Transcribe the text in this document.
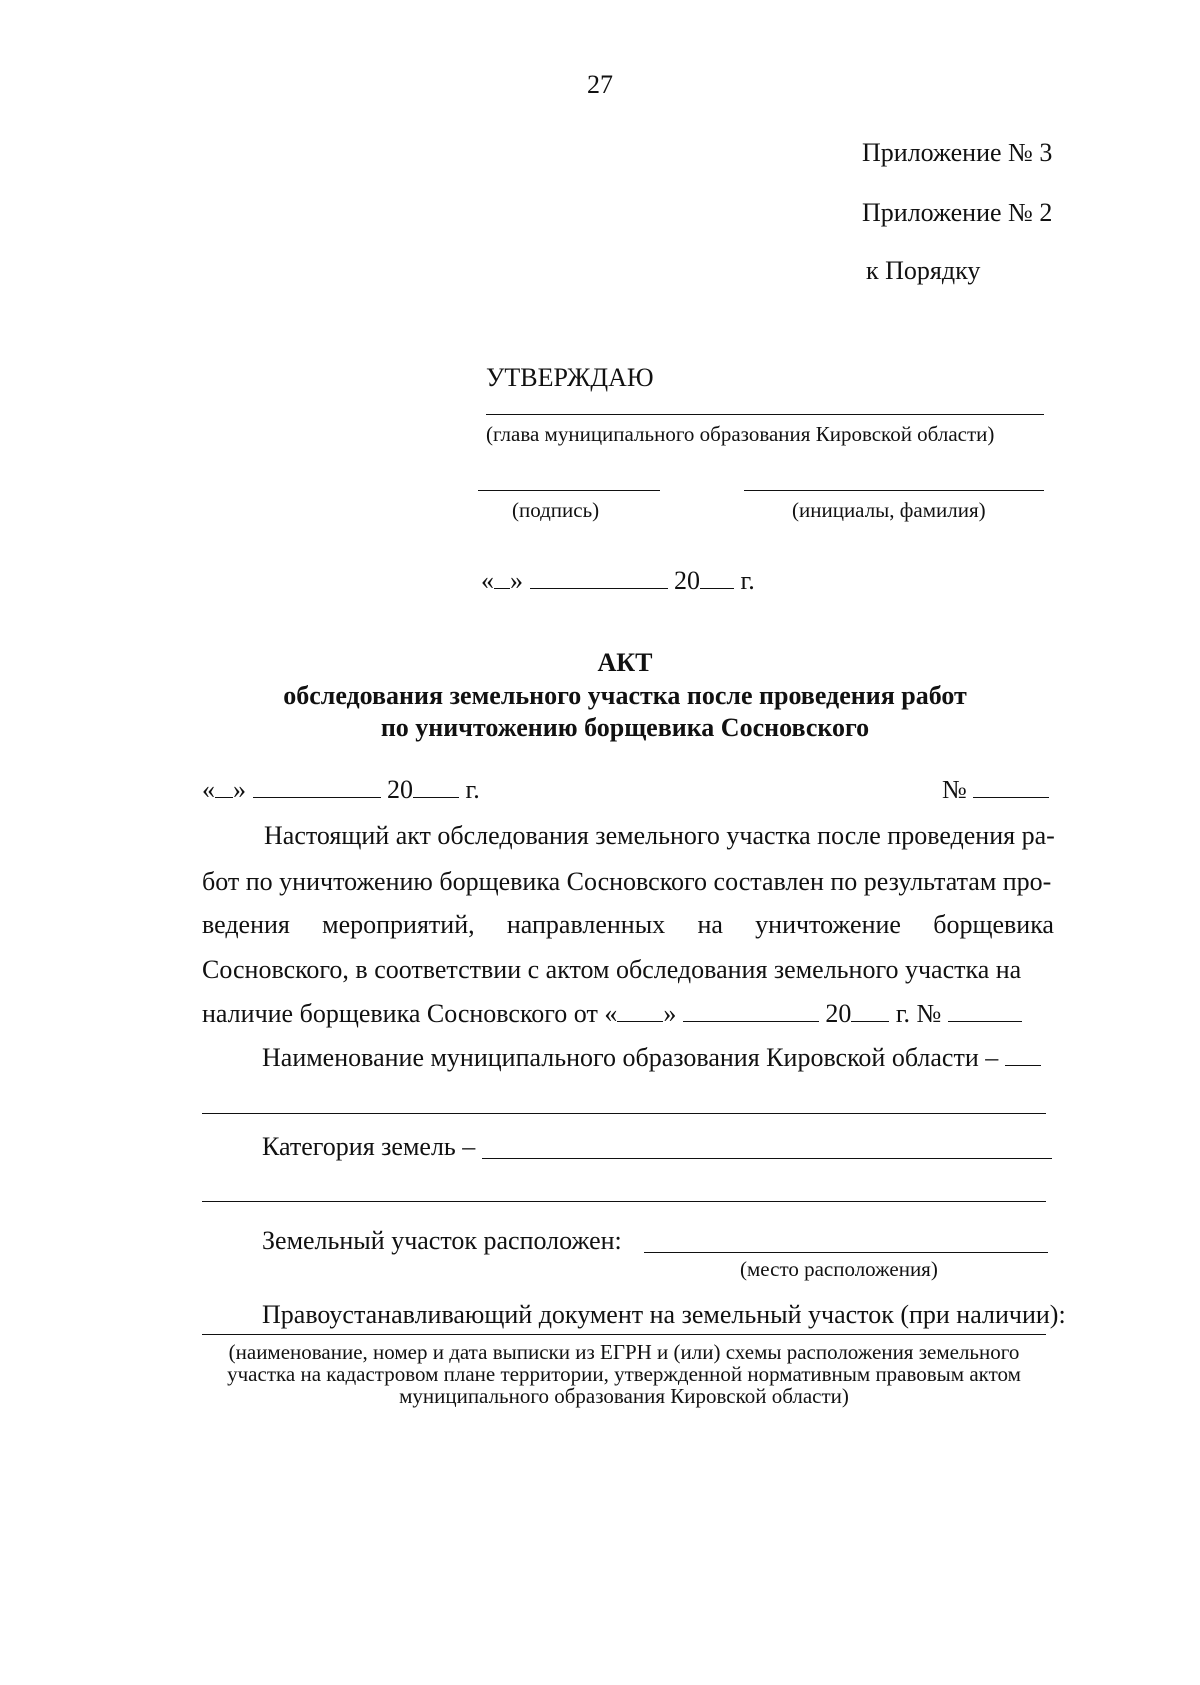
27
Приложение № 3
Приложение № 2
к Порядку
УТВЕРЖДАЮ
(глава муниципального образования Кировской области)
(подпись)	(инициалы, фамилия)
« »	20 г.
АКТ
обследования земельного участка после проведения работ
по уничтожению борщевика Сосновского
« »	20 г.	№
Настоящий акт обследования земельного участка после проведения ра-
бот по уничтожению борщевика Сосновского составлен по результатам про-
ведения мероприятий, направленных на уничтожение борщевика
Сосновского, в соответствии с актом обследования земельного участка на
наличие борщевика Сосновского от « »	20 г. №
Наименование муниципального образования Кировской области –
Категория земель –
Земельный участок расположен:
(место расположения)
Правоустанавливающий документ на земельный участок (при наличии):
(наименование, номер и дата выписки из ЕГРН и (или) схемы расположения земельного
участка на кадастровом плане территории, утвержденной нормативным правовым актом
муниципального образования Кировской области)
